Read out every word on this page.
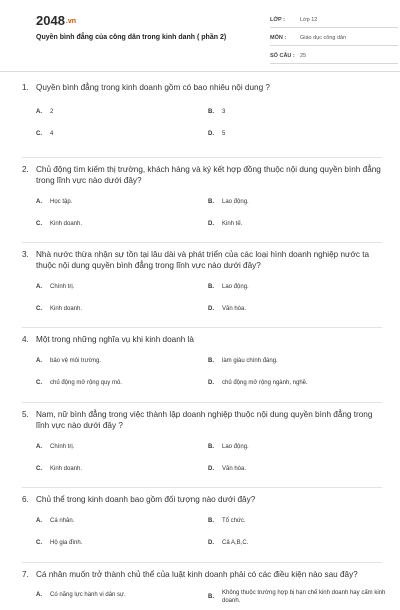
2048.vn
Quyền bình đẳng của công dân trong kinh danh ( phần 2)
LỚP :	Lớp 12
MÔN :	Giáo dục công dân
SỐ CÂU : 25
1. Quyền bình đẳng trong kinh doanh gồm có bao nhiêu nội dung ?
A.	2	B.	3
C.	4	D.	5
2. Chủ động tìm kiếm thị trường, khách hàng và ký kết hợp đồng thuộc nội dung quyền bình đẳng trong lĩnh vực nào dưới đây?
A.	Học tập.	B.	Lao động.
C.	Kinh doanh.	D.	Kinh tế.
3. Nhà nước thừa nhận sự tồn tại lâu dài và phát triển của các loại hình doanh nghiệp nước ta thuộc nội dung quyền bình đẳng trong lĩnh vực nào dưới đây?
A.	Chính trị.	B.	Lao động.
C.	Kinh doanh.	D.	Văn hóa.
4. Một trong những nghĩa vụ khi kinh doanh là
A.	bảo vệ môi trường.	B.	làm giàu chính đáng.
C.	chủ động mở rộng quy mô.	D.	chủ động mở rộng ngành, nghề.
5. Nam, nữ bình đẳng trong việc thành lập doanh nghiệp thuộc nội dung quyền bình đẳng trong lĩnh vực nào dưới đây ?
A.	Chính trị.	B.	Lao động.
C.	Kinh doanh.	D.	Văn hóa.
6. Chủ thể trong kinh doanh bao gồm đối tượng nào dưới đây?
A.	Cá nhân.	B.	Tổ chức.
C.	Hộ gia đình.	D.	Cả A,B,C.
7. Cá nhân muốn trở thành chủ thể của luật kinh doanh phải có các điều kiện nào sau đây?
A.	Có năng lực hành vi dân sự.	B.
Không thuộc trường hợp bị hạn chế kinh doanh hay cấm kinh doanh.
